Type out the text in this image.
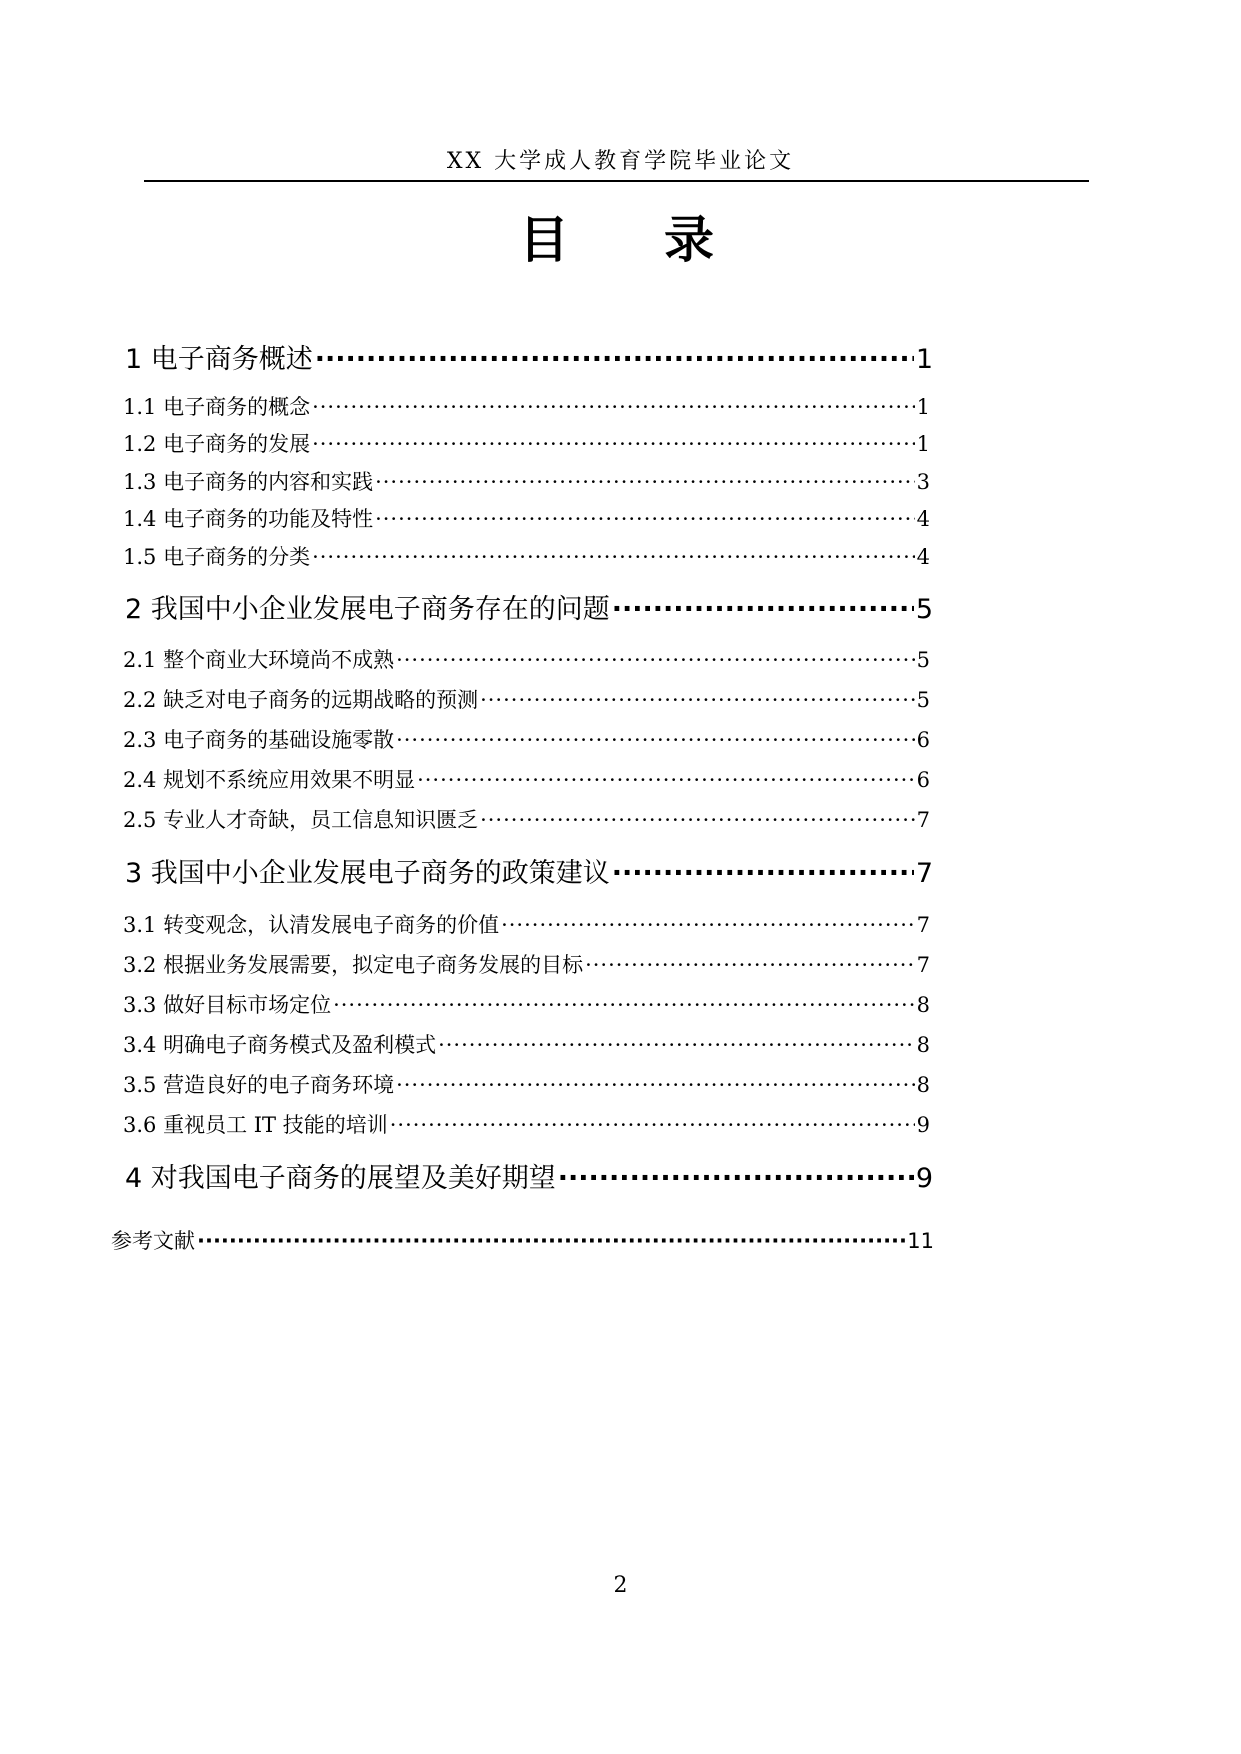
XX 大学成人教育学院毕业论文
目 录
1 电子商务概述 ·····	1
1.1 电子商务的概念 ·····	1
1.2 电子商务的发展 ·····	1
1.3 电子商务的内容和实践 ·····	3
1.4 电子商务的功能及特性 ·····	4
1.5 电子商务的分类 ·····	4
2 我国中小企业发展电子商务存在的问题 ·····	5
2.1 整个商业大环境尚不成熟 ·····	5
2.2 缺乏对电子商务的远期战略的预测 ·····	5
2.3 电子商务的基础设施零散 ·····	6
2.4 规划不系统应用效果不明显 ·····	6
2.5 专业人才奇缺，员工信息知识匮乏 ·····	7
3 我国中小企业发展电子商务的政策建议 ·····	7
3.1 转变观念，认清发展电子商务的价值 ·····	7
3.2 根据业务发展需要，拟定电子商务发展的目标 ·····	7
3.3 做好目标市场定位 ·····	8
3.4 明确电子商务模式及盈利模式 ·····	8
3.5 营造良好的电子商务环境 ·····	8
3.6 重视员工 IT 技能的培训 ·····	9
4 对我国电子商务的展望及美好期望 ·····	9
参考文献 ·····	11
2
